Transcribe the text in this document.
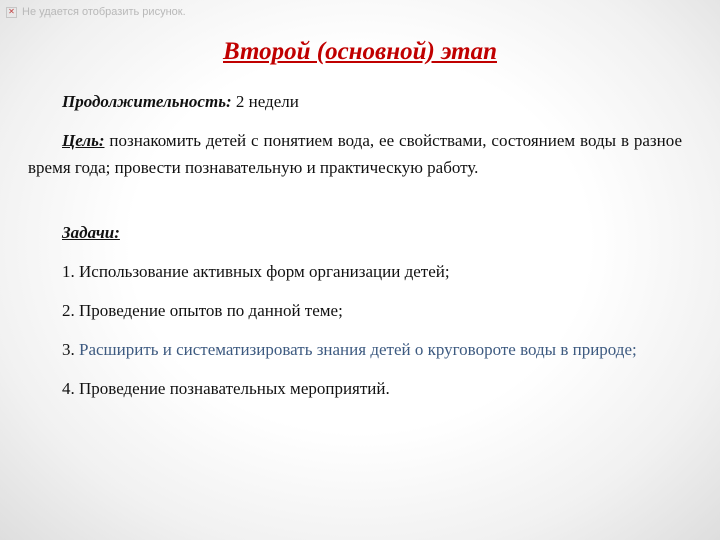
✕ Не удается отобразить рисунок.
Второй (основной) этап

Продолжительность: 2 недели

Цель: познакомить детей с понятием вода, ее свойствами, состоянием воды в разное время года; провести познавательную и практическую работу.

Задачи:

1. Использование активных форм организации детей;

2. Проведение опытов по данной теме;

3. Расширить и систематизировать знания детей о круговороте воды в природе;

4. Проведение познавательных мероприятий.
